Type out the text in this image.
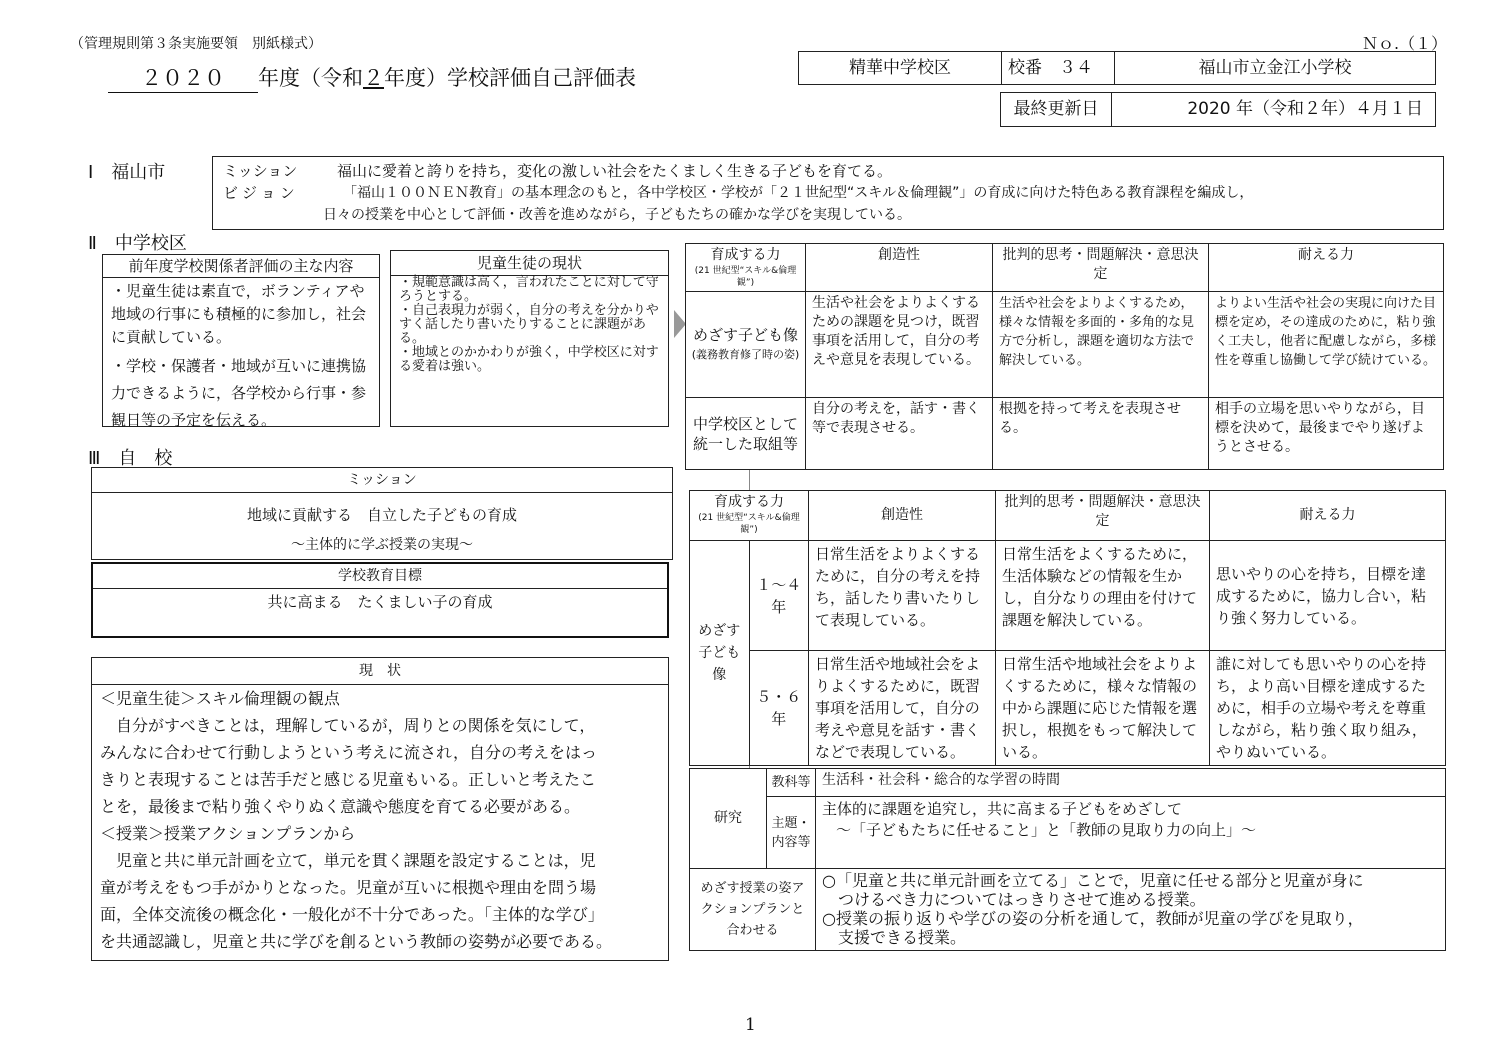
（管理規則第３条実施要領　別紙様式）	Ｎｏ.（１）
２０２０ 年度（令和２年度）学校評価自己評価表	精華中学校区	校番　３４	福山市立金江小学校
最終更新日	2020 年（令和２年）４月１日
Ⅰ　福山市	ミッション	福山に愛着と誇りを持ち，変化の激しい社会をたくましく生きる子どもを育てる。
ビジョン	「福山１００ＮＥＮ教育」の基本理念のもと，各中学校区・学校が「２１世紀型“スキル＆倫理観”」の育成に向けた特色ある教育課程を編成し，
日々の授業を中心として評価・改善を進めながら，子どもたちの確かな学びを実現している。
Ⅱ　中学校区
前年度学校関係者評価の主な内容

・児童生徒は素直で，ボランティアや地域の行事にも積極的に参加し，社会に貢献している。

・学校・保護者・地域が互いに連携協力できるように，各学校から行事・参観日等の予定を伝える。

児童生徒の現状

・規範意識は高く，言われたことに対して守ろうとする。

・自己表現力が弱く，自分の考えを分かりやすく話したり書いたりすることに課題がある。

・地域とのかかわりが強く，中学校区に対する愛着は強い。

育成する力
(21 世紀型“スキル&倫理観”)	創造性	批判的思考・問題解決・意思決定	耐える力

めざす子ども像
(義務教育修了時の姿)	生活や社会をよりよくするための課題を見つけ，既習事項を活用して，自分の考えや意見を表現している。	生活や社会をよりよくするため，様々な情報を多面的・多角的な見方で分析し，課題を適切な方法で解決している。	よりよい生活や社会の実現に向けた目標を定め，その達成のために，粘り強く工夫し，他者に配慮しながら，多様性を尊重し協働して学び続けている。
中学校区として統一した取組等	自分の考えを，話す・書く等で表現させる。	根拠を持って考えを表現させる。	相手の立場を思いやりながら，目標を決めて，最後までやり遂げようとさせる。
Ⅲ　自　校
ミッション
地域に貢献する　自立した子どもの育成
～主体的に学ぶ授業の実現～
学校教育目標
共に高まる　たくましい子の育成
現　状
＜児童生徒＞スキル倫理観の観点
　自分がすべきことは，理解しているが，周りとの関係を気にして，
みんなに合わせて行動しようという考えに流され，自分の考えをはっ
きりと表現することは苦手だと感じる児童もいる。正しいと考えたこ
とを，最後まで粘り強くやりぬく意識や態度を育てる必要がある。
＜授業＞授業アクションプランから
　児童と共に単元計画を立て，単元を貫く課題を設定することは，児
童が考えをもつ手がかりとなった。児童が互いに根拠や理由を問う場
面，全体交流後の概念化・一般化が不十分であった。「主体的な学び」
を共通認識し，児童と共に学びを創るという教師の姿勢が必要である。
育成する力
(21 世紀型“スキル&倫理観”)		創造性	批判的思考・問題解決・意思決定	耐える力
めざす子ども像	１～４年	日常生活をよりよくするために，自分の考えを持ち，話したり書いたりして表現している。	日常生活をよくするために，生活体験などの情報を生かし，自分なりの理由を付けて課題を解決している。	思いやりの心を持ち，目標を達成するために，協力し合い，粘り強く努力している。
	５・６年	日常生活や地域社会をよりよくするために，既習事項を活用して，自分の考えや意見を話す・書くなどで表現している。	日常生活や地域社会をよりよくするために，様々な情報の中から課題に応じた情報を選択し，根拠をもって解決している。	誰に対しても思いやりの心を持ち，より高い目標を達成するために，相手の立場や考えを尊重しながら，粘り強く取り組み，やりぬいている。
研究	教科等	生活科・社会科・総合的な学習の時間
	主題・内容等	主体的に課題を追究し，共に高まる子どもをめざして
～「子どもたちに任せること」と「教師の見取り力の向上」～

めざす授業の姿アクションプランと合わせる		○「児童と共に単元計画を立てる」ことで，児童に任せる部分と児童が身に
　つけるべき力についてはっきりさせて進める授業。
○授業の振り返りや学びの姿の分析を通して，教師が児童の学びを見取り，
　支援できる授業。
1
